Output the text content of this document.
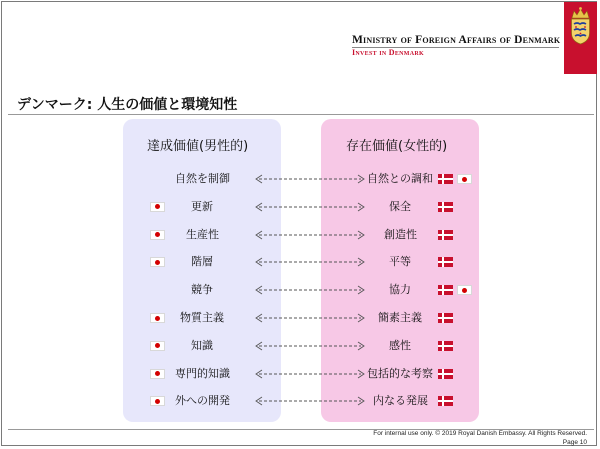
Ministry of Foreign Affairs of Denmark
Invest in Denmark
デンマーク: 人生の価値と環境知性
達成価値(男性的)	存在価値(女性的)
自然を制御	自然との調和
更新	保全
生産性	創造性
階層	平等
競争	協力
物質主義	簡素主義
知識	感性
専門的知識	包括的な考察
外への開発	内なる発展
For internal use only. © 2019 Royal Danish Embassy. All Rights Reserved.
Page 10
